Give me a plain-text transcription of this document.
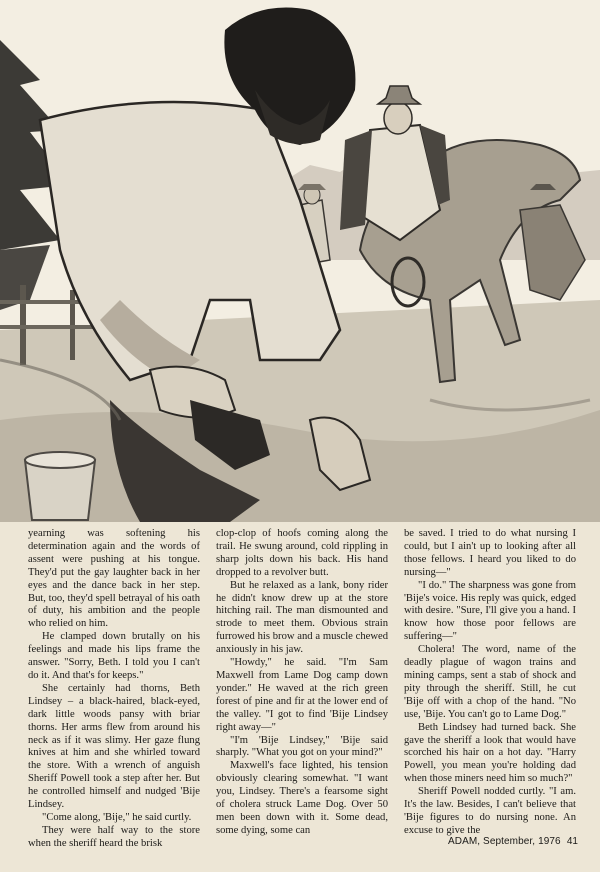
yearning was softening his determination again and the words of assent were pushing at his tongue. They'd put the gay laughter back in her eyes and the dance back in her step. But, too, they'd spell betrayal of his oath of duty, his ambition and the people who relied on him.

He clamped down brutally on his feelings and made his lips frame the answer. "Sorry, Beth. I told you I can't do it. And that's for keeps."

She certainly had thorns, Beth Lindsey – a black-haired, black-eyed, dark little woods pansy with briar thorns. Her arms flew from around his neck as if it was slimy. Her gaze flung knives at him and she whirled toward the store. With a wrench of anguish Sheriff Powell took a step after her. But he controlled himself and nudged 'Bije Lindsey.

"Come along, 'Bije," he said curtly.

They were half way to the store when the sheriff heard the brisk

clop-clop of hoofs coming along the trail. He swung around, cold rippling in sharp jolts down his back. His hand dropped to a revolver butt.

But he relaxed as a lank, bony rider he didn't know drew up at the store hitching rail. The man dismounted and strode to meet them. Obvious strain furrowed his brow and a muscle chewed anxiously in his jaw.

"Howdy," he said. "I'm Sam Maxwell from Lame Dog camp down yonder." He waved at the rich green forest of pine and fir at the lower end of the valley. "I got to find 'Bije Lindsey right away—"

"I'm 'Bije Lindsey," 'Bije said sharply. "What you got on your mind?"

Maxwell's face lighted, his tension obviously clearing somewhat. "I want you, Lindsey. There's a fearsome sight of cholera struck Lame Dog. Over 50 men been down with it. Some dead, some dying, some can

be saved. I tried to do what nursing I could, but I ain't up to looking after all those fellows. I heard you liked to do nursing—"

"I do." The sharpness was gone from 'Bije's voice. His reply was quick, edged with desire. "Sure, I'll give you a hand. I know how those poor fellows are suffering—"

Cholera! The word, name of the deadly plague of wagon trains and mining camps, sent a stab of shock and pity through the sheriff. Still, he cut 'Bije off with a chop of the hand. "No use, 'Bije. You can't go to Lame Dog."

Beth Lindsey had turned back. She gave the sheriff a look that would have scorched his hair on a hot day. "Harry Powell, you mean you're holding dad when those miners need him so much?"

Sheriff Powell nodded curtly. "I am. It's the law. Besides, I can't believe that 'Bije figures to do nursing none. An excuse to give the

ADAM, September, 1976 41
